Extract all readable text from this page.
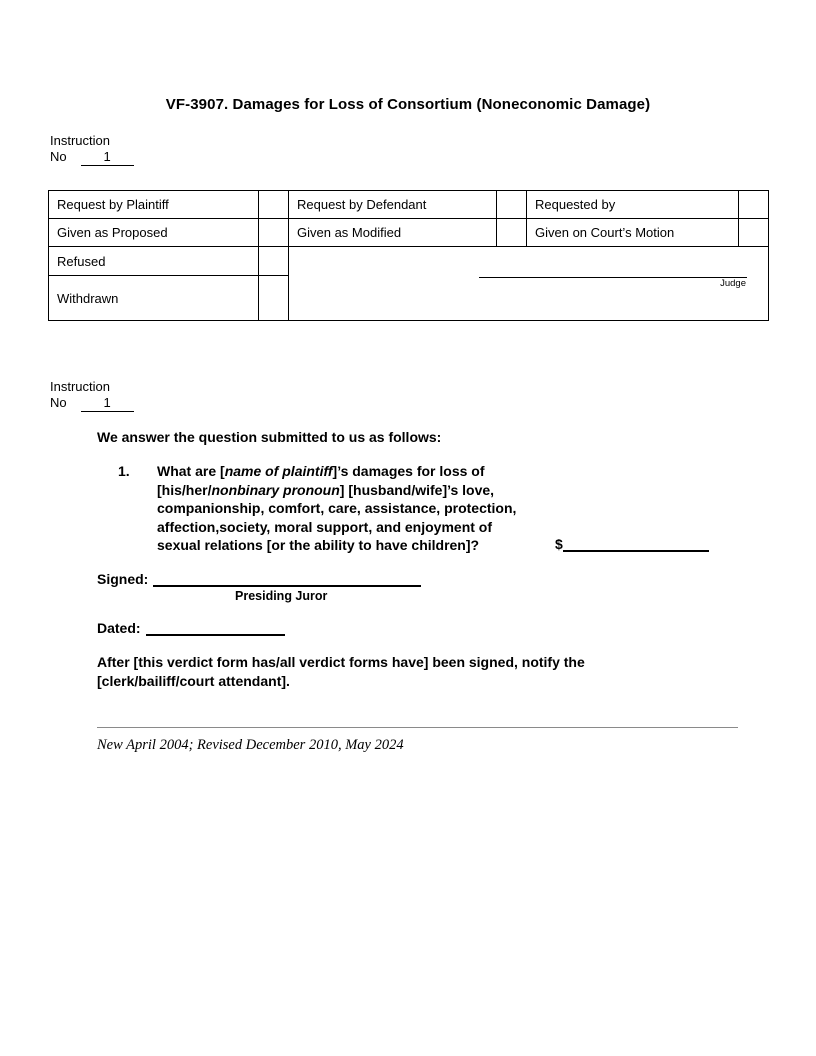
VF-3907. Damages for Loss of Consortium (Noneconomic Damage)
Instruction
No	1
Request by Plaintiff		Request by Defendant		Requested by	
Given as Proposed		Given as Modified		Given on Court’s Motion	
Refused		Judge			

Withdrawn					
Instruction
No	1
We answer the question submitted to us as follows:
1.	What are [name of plaintiff]’s damages for loss of [his/her/nonbinary pronoun] [husband/wife]’s love, companionship, comfort, care, assistance, protection, affection,society, moral support, and enjoyment of sexual relations [or the ability to have children]?	$
Signed:
Presiding Juror
Dated:
After [this verdict form has/all verdict forms have] been signed, notify the [clerk/bailiff/court attendant].
New April 2004; Revised December 2010, May 2024
